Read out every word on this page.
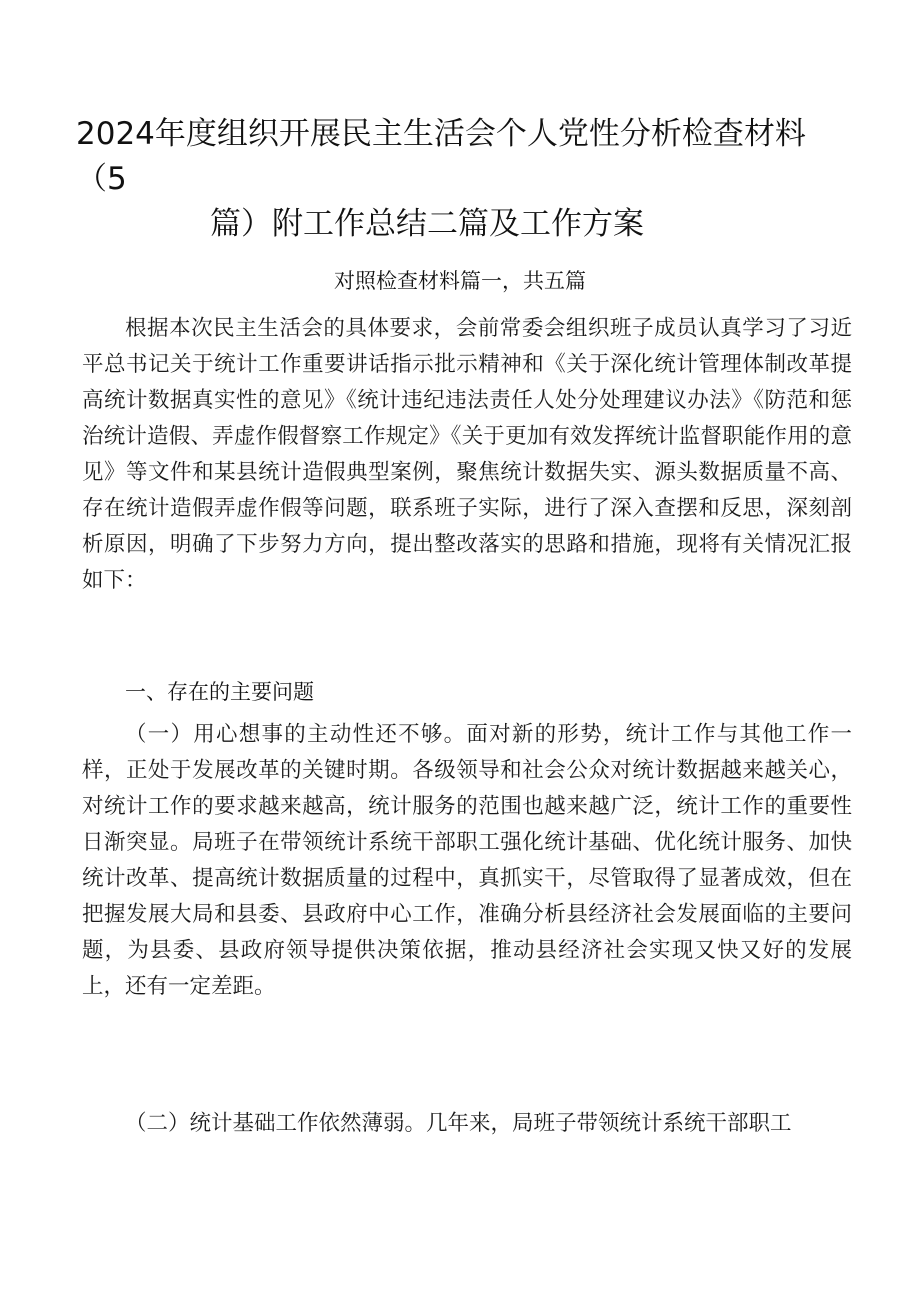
2024年度组织开展民主生活会个人党性分析检查材料（5
篇）附工作总结二篇及工作方案
对照检查材料篇一，共五篇

根据本次民主生活会的具体要求，会前常委会组织班子成员认真学习了习近平总书记关于统计工作重要讲话指示批示精神和《关于深化统计管理体制改革提高统计数据真实性的意见》《统计违纪违法责任人处分处理建议办法》《防范和惩治统计造假、弄虚作假督察工作规定》《关于更加有效发挥统计监督职能作用的意见》等文件和某县统计造假典型案例，聚焦统计数据失实、源头数据质量不高、存在统计造假弄虚作假等问题，联系班子实际，进行了深入查摆和反思，深刻剖析原因，明确了下步努力方向，提出整改落实的思路和措施，现将有关情况汇报如下：

一、存在的主要问题

（一）用心想事的主动性还不够。面对新的形势，统计工作与其他工作一样，正处于发展改革的关键时期。各级领导和社会公众对统计数据越来越关心，对统计工作的要求越来越高，统计服务的范围也越来越广泛，统计工作的重要性日渐突显。局班子在带领统计系统干部职工强化统计基础、优化统计服务、加快统计改革、提高统计数据质量的过程中，真抓实干，尽管取得了显著成效，但在把握发展大局和县委、县政府中心工作，准确分析县经济社会发展面临的主要问题，为县委、县政府领导提供决策依据，推动县经济社会实现又快又好的发展上，还有一定差距。

（二）统计基础工作依然薄弱。几年来，局班子带领统计系统干部职工
